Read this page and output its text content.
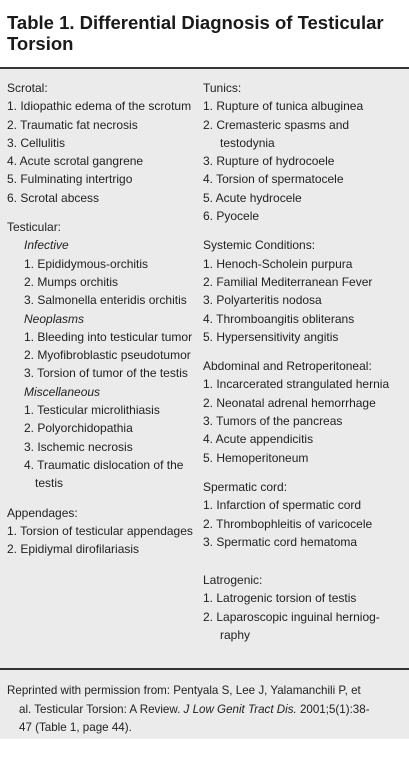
Table 1. Differential Diagnosis of Testicular
Torsion
Scrotal:
1. Idiopathic edema of the scrotum
2. Traumatic fat necrosis
3. Cellulitis
4. Acute scrotal gangrene
5. Fulminating intertrigo
6. Scrotal abcess
Testicular:
Infective
1. Epididymous-orchitis
2. Mumps orchitis
3. Salmonella enteridis orchitis
Neoplasms
1. Bleeding into testicular tumor
2. Myofibroblastic pseudotumor
3. Torsion of tumor of the testis
Miscellaneous
1. Testicular microlithiasis
2. Polyorchidopathia
3. Ischemic necrosis
4. Traumatic dislocation of the
testis
Appendages:
1. Torsion of testicular appendages
2. Epidiymal dirofilariasis
Tunics:
1. Rupture of tunica albuginea
2. Cremasteric spasms and
testodynia
3. Rupture of hydrocoele
4. Torsion of spermatocele
5. Acute hydrocele
6. Pyocele
Systemic Conditions:
1. Henoch-Scholein purpura
2. Familial Mediterranean Fever
3. Polyarteritis nodosa
4. Thromboangitis obliterans
5. Hypersensitivity angitis
Abdominal and Retroperitoneal:
1. Incarcerated strangulated hernia
2. Neonatal adrenal hemorrhage
3. Tumors of the pancreas
4. Acute appendicitis
5. Hemoperitoneum
Spermatic cord:
1. Infarction of spermatic cord
2. Thrombophleitis of varicocele
3. Spermatic cord hematoma
Latrogenic:
1. Latrogenic torsion of testis
2. Laparoscopic inguinal herniog-
raphy
Reprinted with permission from: Pentyala S, Lee J, Yalamanchili P, et
al. Testicular Torsion: A Review. J Low Genit Tract Dis. 2001;5(1):38-
47 (Table 1, page 44).
